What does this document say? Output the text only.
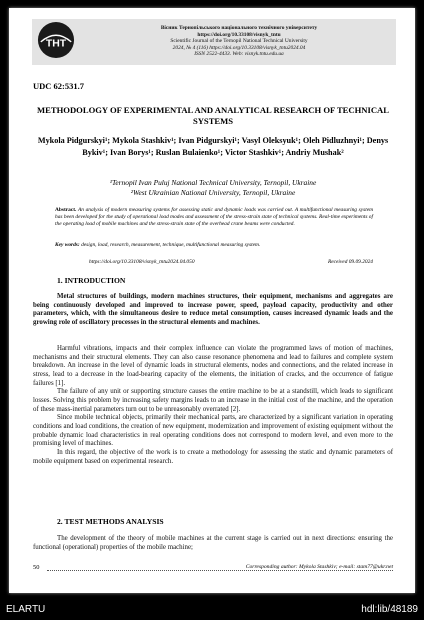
ТНТ
Вісник Тернопільського національного технічного університету
https://doi.org/10.33108/visnyk_tntu
Scientific Journal of the Ternopil National Technical University
2024, № 4 (116) https://doi.org/10.33108/visnyk_tntu2024.04
ISSN 2522-4433. Web: visnyk.tntu.edu.ua
UDC 62:531.7
METHODOLOGY OF EXPERIMENTAL AND ANALYTICAL RESEARCH OF TECHNICAL SYSTEMS
Mykola Pidgurskyi¹; Mykola Stashkiv¹; Ivan Pidgurskyi¹; Vasyl Oleksyuk¹; Oleh Pidluzhnyi¹; Denys Bykiv¹; Ivan Borys¹; Ruslan Bulaienko¹; Victor Stashkiv¹; Andriy Mushak²
¹Ternopil Ivan Puluj National Technical University, Ternopil, Ukraine
²West Ukrainian National University, Ternopil, Ukraine
Abstract. An analysis of modern measuring systems for assessing static and dynamic loads was carried out. A multifunctional measuring system has been developed for the study of operational load modes and assessment of the stress-strain state of technical systems. Real-time experiments of the operating load of mobile machines and the stress-strain state of the overhead crane beams were conducted.
Key words: design, load, research, measurement, technique, multifunctional measuring system.
https://doi.org/10.33108/visnyk_tntu2024.04.050	Received 09.09.2024
1. INTRODUCTION

Metal structures of buildings, modern machines structures, their equipment, mechanisms and aggregates are being continuously developed and improved to increase power, speed, payload capacity, productivity and other parameters, which, with the simultaneous desire to reduce metal consumption, causes increased dynamic loads and the growing role of oscillatory processes in the structural elements and machines.

Harmful vibrations, impacts and their complex influence can violate the programmed laws of motion of machines, mechanisms and their structural elements. They can also cause resonance phenomena and lead to failures and complete system breakdown. An increase in the level of dynamic loads in structural elements, nodes and connections, and the related increase in stress, lead to a decrease in the load-bearing capacity of the elements, the initiation of cracks, and the occurrence of fatigue failures [1].

The failure of any unit or supporting structure causes the entire machine to be at a standstill, which leads to significant losses. Solving this problem by increasing safety margins leads to an increase in the initial cost of the machine, and the operation of these mass-inertial parameters turn out to be unreasonably overrated [2].

Since mobile technical objects, primarily their mechanical parts, are characterized by a significant variation in operating conditions and load conditions, the creation of new equipment, modernization and improvement of existing equipment without the probable dynamic load characteristics in real operating conditions does not correspond to modern level, and even more to the promising level of machines.

In this regard, the objective of the work is to create a methodology for assessing the static and dynamic parameters of mobile equipment based on experimental research.

2. TEST METHODS ANALYSIS

The development of the theory of mobile machines at the current stage is carried out in next directions: ensuring the functional (operational) properties of the mobile machine;

50	Corresponding author: Mykola Stashkiv; e-mail: stam77@ukr.net
ELARTU	hdl:lib/48189
